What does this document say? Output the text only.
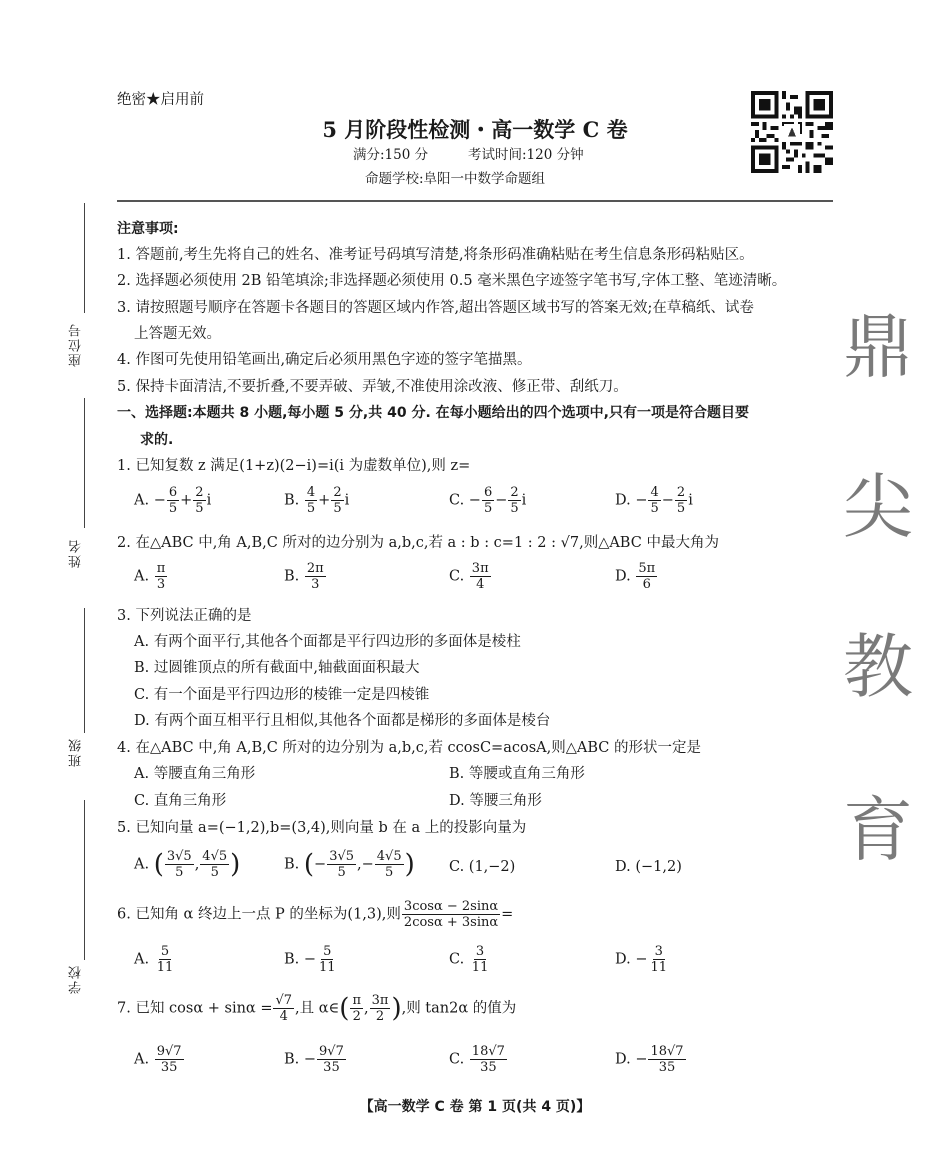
绝密★启用前
5 月阶段性检测・高一数学 C 卷
满分:150 分	考试时间:120 分钟
命题学校:阜阳一中数学命题组
座位号
姓名
班级
学校
鼎
尖
教
育
注意事项:
1. 答题前,考生先将自己的姓名、准考证号码填写清楚,将条形码准确粘贴在考生信息条形码粘贴区。
2. 选择题必须使用 2B 铅笔填涂;非选择题必须使用 0.5 毫米黑色字迹签字笔书写,字体工整、笔迹清晰。
3. 请按照题号顺序在答题卡各题目的答题区域内作答,超出答题区域书写的答案无效;在草稿纸、试卷
上答题无效。
4. 作图可先使用铅笔画出,确定后必须用黑色字迹的签字笔描黑。
5. 保持卡面清洁,不要折叠,不要弄破、弄皱,不准使用涂改液、修正带、刮纸刀。
一、选择题:本题共 8 小题,每小题 5 分,共 40 分. 在每小题给出的四个选项中,只有一项是符合题目要
求的.
1. 已知复数 z 满足(1+z)(2−i)=i(i 为虚数单位),则 z=
A. − $\frac{6}{5} + \frac{2}{5}$ i	B. $\frac{4}{5} + \frac{2}{5}$ i	C. − $\frac{6}{5} - \frac{2}{5}$ i	D. − $\frac{4}{5} - \frac{2}{5}$ i
2. 在△ABC 中,角 A,B,C 所对的边分别为 a,b,c,若 a : b : c=1 : 2 : √7,则△ABC 中最大角为
A. $\frac{\pi}{3}$	B. $\frac{2\pi}{3}$	C. $\frac{3\pi}{4}$	D. $\frac{5\pi}{6}$
3. 下列说法正确的是
A. 有两个面平行,其他各个面都是平行四边形的多面体是棱柱
B. 过圆锥顶点的所有截面中,轴截面面积最大
C. 有一个面是平行四边形的棱锥一定是四棱锥
D. 有两个面互相平行且相似,其他各个面都是梯形的多面体是棱台
4. 在△ABC 中,角 A,B,C 所对的边分别为 a,b,c,若 ccosC=acosA,则△ABC 的形状一定是
A. 等腰直角三角形	B. 等腰或直角三角形
C. 直角三角形	D. 等腰三角形
5. 已知向量 a=(−1,2),b=(3,4),则向量 b 在 a 上的投影向量为
A. ( $\frac{3√5}{5}$ , $\frac{4√5}{5}$ )	B. (− $\frac{3√5}{5}$ ,− $\frac{4√5}{5}$ ) C. (1,−2)	D. (−1,2)
6. 已知角 α 终边上一点 P 的坐标为(1,3),则 $\frac{3\cos\alpha - 2\sin\alpha}{2\cos\alpha + 3\sin\alpha}$ =
A. $\frac{5}{11}$	B. − $\frac{5}{11}$	C. $\frac{3}{11}$	D. − $\frac{3}{11}$
7. 已知 $\cos\alpha + \sin\alpha = \frac{√7}{4}$ ,且 α∈( $\frac{\pi}{2}$ , $\frac{3\pi}{2}$ ),则 tan2α 的值为
A. $\frac{9√7}{35}$	B. − $\frac{9√7}{35}$	C. $\frac{18√7}{35}$	D. − $\frac{18√7}{35}$
【高一数学 C 卷 第 1 页(共 4 页)】
